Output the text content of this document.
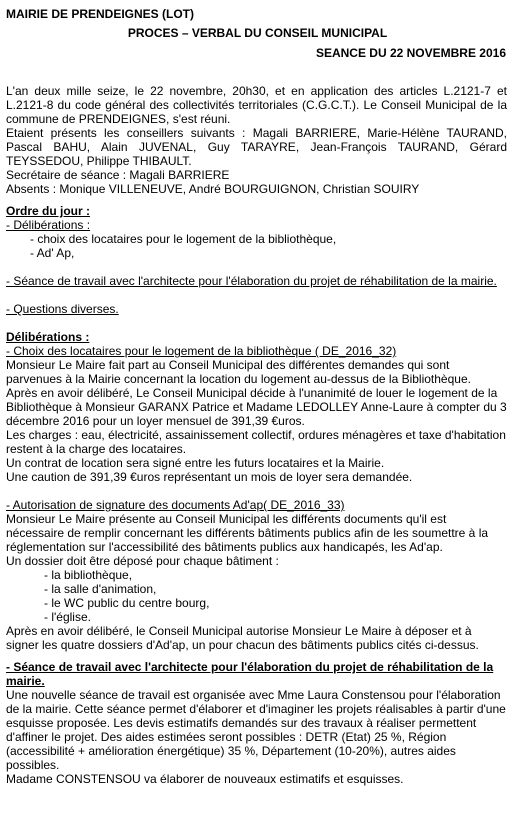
MAIRIE DE PRENDEIGNES (LOT)
PROCES – VERBAL DU CONSEIL MUNICIPAL
SEANCE DU 22 NOVEMBRE 2016

L'an deux mille seize, le 22 novembre, 20h30, et en application des articles L.2121-7 et L.2121-8 du code général des collectivités territoriales (C.G.C.T.). Le Conseil Municipal de la commune de PRENDEIGNES, s'est réuni.

Etaient présents les conseillers suivants : Magali BARRIERE, Marie-Hélène TAURAND, Pascal BAHU, Alain JUVENAL, Guy TARAYRE, Jean-François TAURAND, Gérard TEYSSEDOU, Philippe THIBAULT.

Secrétaire de séance : Magali BARRIERE

Absents : Monique VILLENEUVE, André BOURGUIGNON, Christian SOUIRY

Ordre du jour :

- Délibérations :

- choix des locataires pour le logement de la bibliothèque,

- Ad' Ap,

- Séance de travail avec l'architecte pour l'élaboration du projet de réhabilitation de la mairie.

- Questions diverses.

Délibérations :

- Choix des locataires pour le logement de la bibliothèque ( DE_2016_32)

Monsieur Le Maire fait part au Conseil Municipal des différentes demandes qui sont parvenues à la Mairie concernant la location du logement au-dessus de la Bibliothèque.

Après en avoir délibéré, Le Conseil Municipal décide à l'unanimité de louer le logement de la Bibliothèque à Monsieur GARANX Patrice et Madame LEDOLLEY Anne-Laure à compter du 3 décembre 2016 pour un loyer mensuel de 391,39 €uros.

Les charges : eau, électricité, assainissement collectif, ordures ménagères et taxe d'habitation restent à la charge des locataires.

Un contrat de location sera signé entre les futurs locataires et la Mairie.

Une caution de 391,39 €uros représentant un mois de loyer sera demandée.

- Autorisation de signature des documents Ad'ap( DE_2016_33)

Monsieur Le Maire présente au Conseil Municipal les différents documents qu'il est nécessaire de remplir concernant les différents bâtiments publics afin de les soumettre à la réglementation sur l'accessibilité des bâtiments publics aux handicapés, les Ad'ap.

Un dossier doit être déposé pour chaque bâtiment :

- la bibliothèque,

- la salle d'animation,

- le WC public du centre bourg,

- l'église.

Après en avoir délibéré, le Conseil Municipal autorise Monsieur Le Maire à déposer et à signer les quatre dossiers d'Ad'ap, un pour chacun des bâtiments publics cités ci-dessus.

- Séance de travail avec l'architecte pour l'élaboration du projet de réhabilitation de la mairie.

Une nouvelle séance de travail est organisée avec Mme Laura Constensou pour l'élaboration de la mairie. Cette séance permet d'élaborer et d'imaginer les projets réalisables à partir d'une esquisse proposée. Les devis estimatifs demandés sur des travaux à réaliser permettent d'affiner le projet. Des aides estimées seront possibles : DETR (Etat) 25 %, Région (accessibilité + amélioration énergétique) 35 %, Département (10-20%), autres aides possibles.

Madame CONSTENSOU va élaborer de nouveaux estimatifs et esquisses.
